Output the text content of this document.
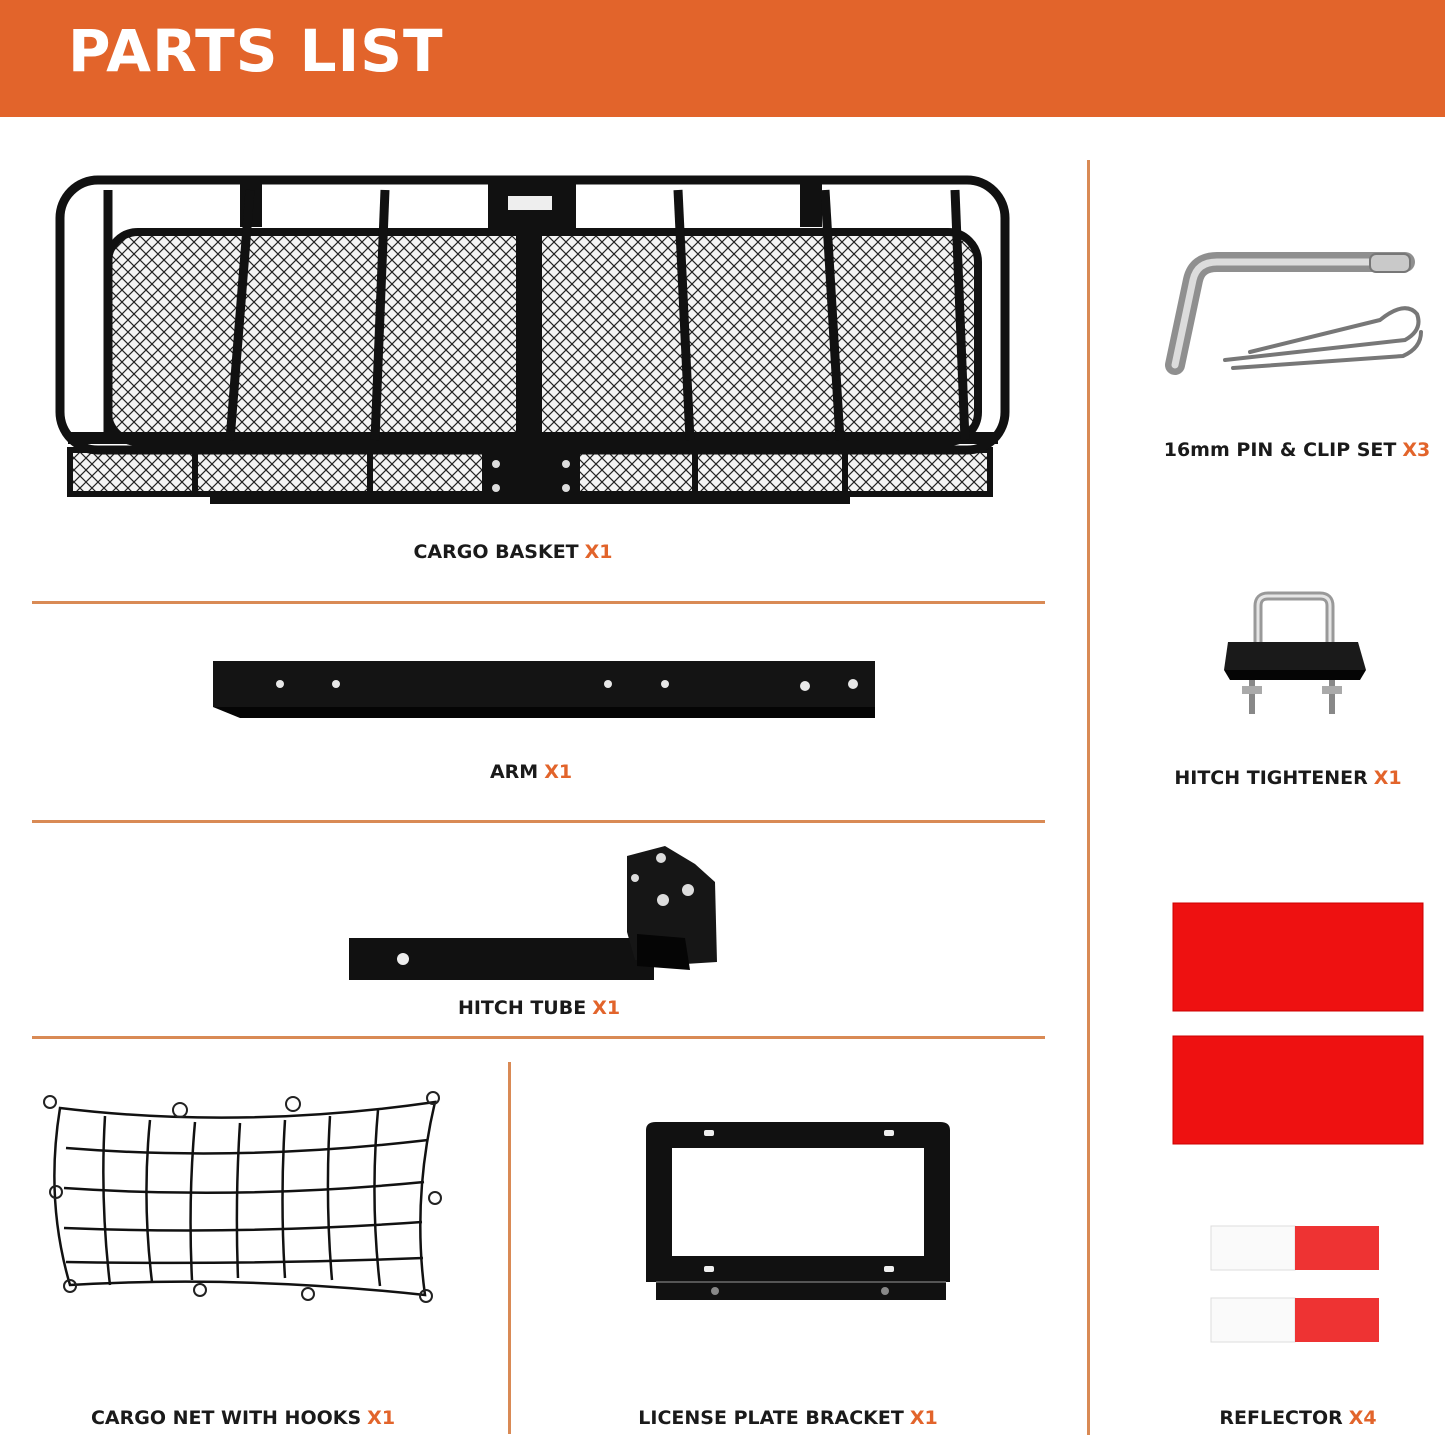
PARTS LIST
CARGO BASKET X1
ARM X1
HITCH TUBE X1
CARGO NET WITH HOOKS X1	LICENSE PLATE BRACKET X1
16mm PIN & CLIP SET X3
HITCH TIGHTENER X1
REFLECTOR X4
